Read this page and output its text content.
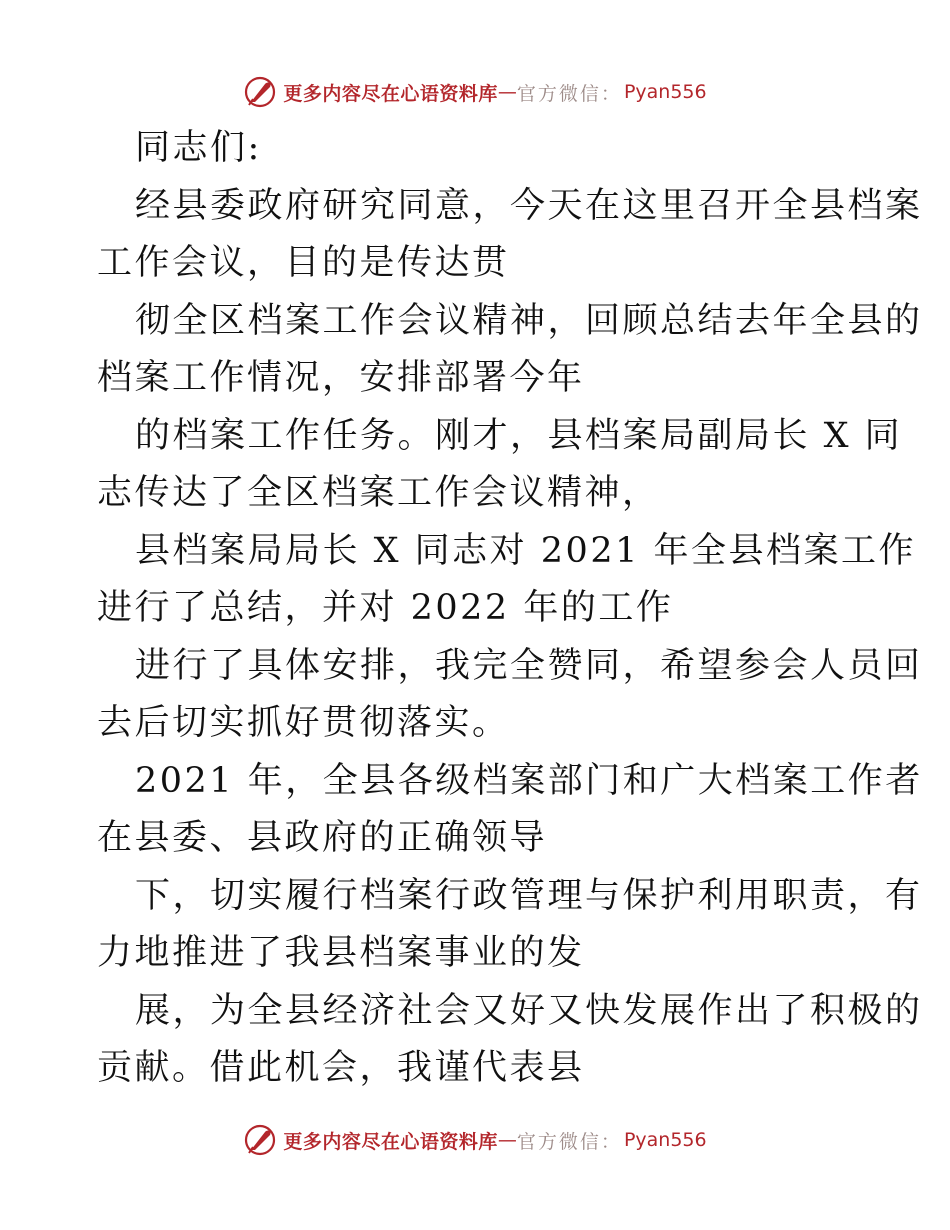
更多内容尽在心语资料库 — 官方微信： Pyan556
同志们:
经县委政府研究同意，今天在这里召开全县档案
工作会议，目的是传达贯
彻全区档案工作会议精神，回顾总结去年全县的
档案工作情况，安排部署今年
的档案工作任务。刚才，县档案局副局长 X 同
志传达了全区档案工作会议精神，
县档案局局长 X 同志对 2021 年全县档案工作
进行了总结，并对 2022 年的工作
进行了具体安排，我完全赞同，希望参会人员回
去后切实抓好贯彻落实。
2021 年，全县各级档案部门和广大档案工作者
在县委、县政府的正确领导
下，切实履行档案行政管理与保护利用职责，有
力地推进了我县档案事业的发
展，为全县经济社会又好又快发展作出了积极的
贡献。借此机会，我谨代表县
更多内容尽在心语资料库 — 官方微信： Pyan556
